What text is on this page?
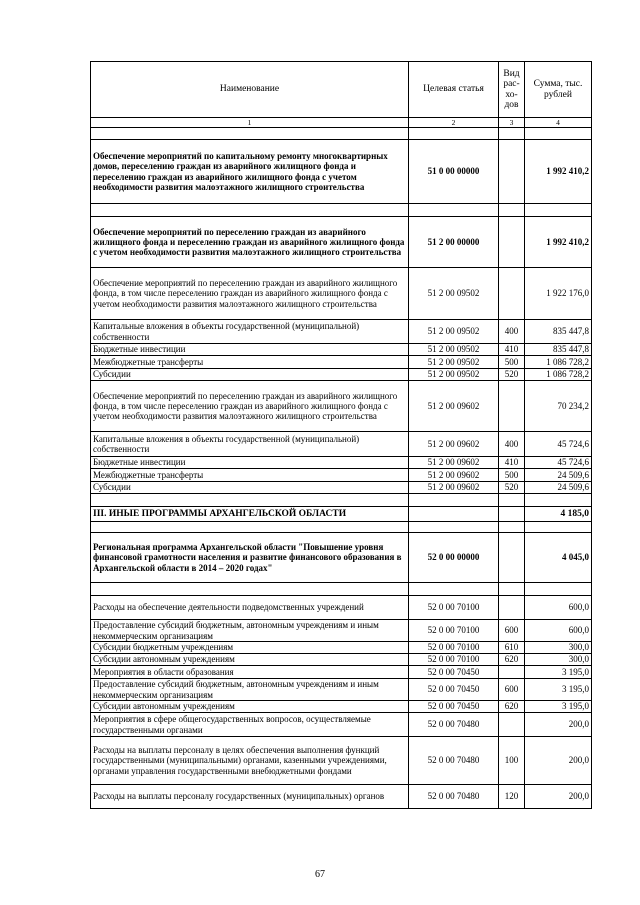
Наименование	Целевая статья	Вид рас-хо-дов	Сумма, тыс. рублей
1	2	3	4

Обеспечение мероприятий по капитальному ремонту многоквартирных домов, переселению граждан из аварийного жилищного фонда и переселению граждан из аварийного жилищного фонда с учетом необходимости развития малоэтажного жилищного строительства	51 0 00 00000		1 992 410,2

Обеспечение мероприятий по переселению граждан из аварийного жилищного фонда и переселению граждан из аварийного жилищного фонда с учетом необходимости развития малоэтажного жилищного строительства	51 2 00 00000		1 992 410,2
Обеспечение мероприятий по переселению граждан из аварийного жилищного фонда, в том числе переселению граждан из аварийного жилищного фонда с учетом необходимости развития малоэтажного жилищного строительства	51 2 00 09502		1 922 176,0
Капитальные вложения в объекты государственной (муниципальной) собственности	51 2 00 09502	400	835 447,8
Бюджетные инвестиции	51 2 00 09502	410	835 447,8
Межбюджетные трансферты	51 2 00 09502	500	1 086 728,2
Субсидии	51 2 00 09502	520	1 086 728,2
Обеспечение мероприятий по переселению граждан из аварийного жилищного фонда, в том числе переселению граждан из аварийного жилищного фонда с учетом необходимости развития малоэтажного жилищного строительства	51 2 00 09602		70 234,2
Капитальные вложения в объекты государственной (муниципальной) собственности	51 2 00 09602	400	45 724,6
Бюджетные инвестиции	51 2 00 09602	410	45 724,6
Межбюджетные трансферты	51 2 00 09602	500	24 509,6
Субсидии	51 2 00 09602	520	24 509,6

III. ИНЫЕ ПРОГРАММЫ АРХАНГЕЛЬСКОЙ ОБЛАСТИ			4 185,0

Региональная программа Архангельской области "Повышение уровня финансовой грамотности населения и развитие финансового образования в Архангельской области в 2014 – 2020 годах"	52 0 00 00000		4 045,0

Расходы на обеспечение деятельности подведомственных учреждений	52 0 00 70100		600,0
Предоставление субсидий бюджетным, автономным учреждениям и иным некоммерческим организациям	52 0 00 70100	600	600,0
Субсидии бюджетным учреждениям	52 0 00 70100	610	300,0
Субсидии автономным учреждениям	52 0 00 70100	620	300,0
Мероприятия в области образования	52 0 00 70450		3 195,0
Предоставление субсидий бюджетным, автономным учреждениям и иным некоммерческим организациям	52 0 00 70450	600	3 195,0
Субсидии автономным учреждениям	52 0 00 70450	620	3 195,0
Мероприятия в сфере общегосударственных вопросов, осуществляемые государственными органами	52 0 00 70480		200,0
Расходы на выплаты персоналу в целях обеспечения выполнения функций государственными (муниципальными) органами, казенными учреждениями, органами управления государственными внебюджетными фондами	52 0 00 70480	100	200,0
Расходы на выплаты персоналу государственных (муниципальных) органов	52 0 00 70480	120	200,0
67
